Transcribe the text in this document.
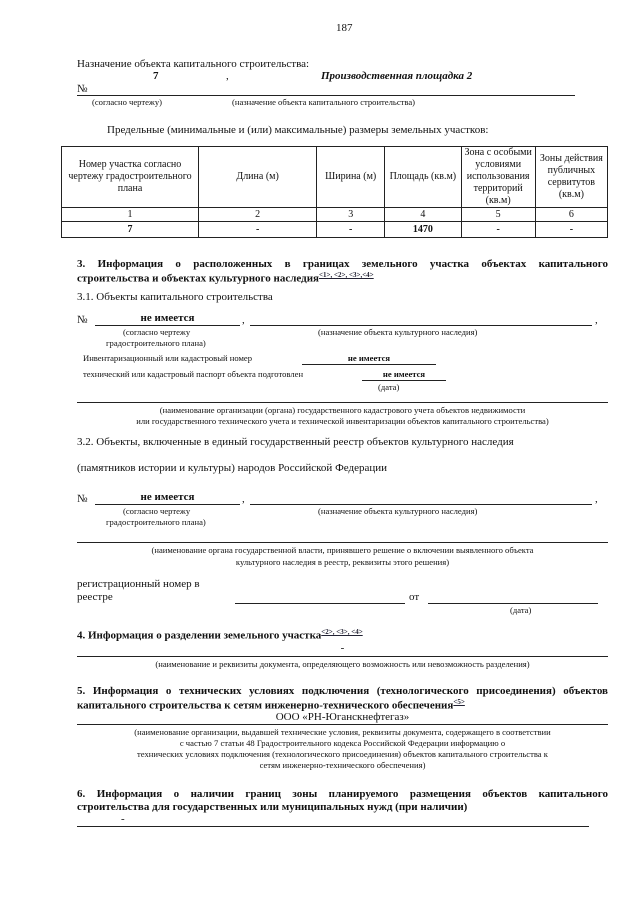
187
Назначение объекта капитального строительства:
7	,	Производственная площадка 2
№
(согласно чертежу)	(назначение объекта капитального строительства)
Предельные (минимальные и (или) максимальные) размеры земельных участков:
Номер участка согласно чертежу градостроительного плана	Длина (м)	Ширина (м)	Площадь (кв.м)	Зона с особыми условиями использования территорий (кв.м)	Зоны действия публичных сервитутов (кв.м)
1	2	3	4	5	6
7	-	-	1470	-	-
3. Информация о расположенных в границах земельного участка объектах капитального
строительства и объектах культурного наследия$^{<1>, <2>, <3>,<4>}$
3.1. Объекты капитального строительства
№	не имеется	,	,
(согласно чертежу
градостроительного плана)
(назначение объекта культурного наследия)
Инвентаризационный или кадастровый номер	не имеется
технический или кадастровый паспорт объекта подготовлен	не имеется
(дата)
(наименование организации (органа) государственного кадастрового учета объектов недвижимости
или государственного технического учета и технической инвентаризации объектов капитального строительства)
3.2. Объекты, включенные в единый государственный реестр объектов культурного наследия
(памятников истории и культуры) народов Российской Федерации
№	не имеется	,	,
(согласно чертежу
градостроительного плана)
(назначение объекта культурного наследия)
(наименование органа государственной власти, принявшего решение о включении выявленного объекта
культурного наследия в реестр, реквизиты этого решения)
регистрационный номер в
реестре	от
(дата)
4. Информация о разделении земельного участка$^{<2>, <3>, <4>}$
-
(наименование и реквизиты документа, определяющего возможность или невозможность разделения)
5. Информация о технических условиях подключения (технологического присоединения) объектов
капитального строительства к сетям инженерно-технического обеспечения$^{<5>}$
ООО «РН-Юганскнефтегаз»
(наименование организации, выдавшей технические условия, реквизиты документа, содержащего в соответствии
с частью 7 статьи 48 Градостроительного кодекса Российской Федерации информацию о
технических условиях подключения (технологического присоединения) объектов капитального строительства к
сетям инженерно-технического обеспечения)
6. Информация о наличии границ зоны планируемого размещения объектов капитального
строительства для государственных или муниципальных нужд (при наличии)
-
